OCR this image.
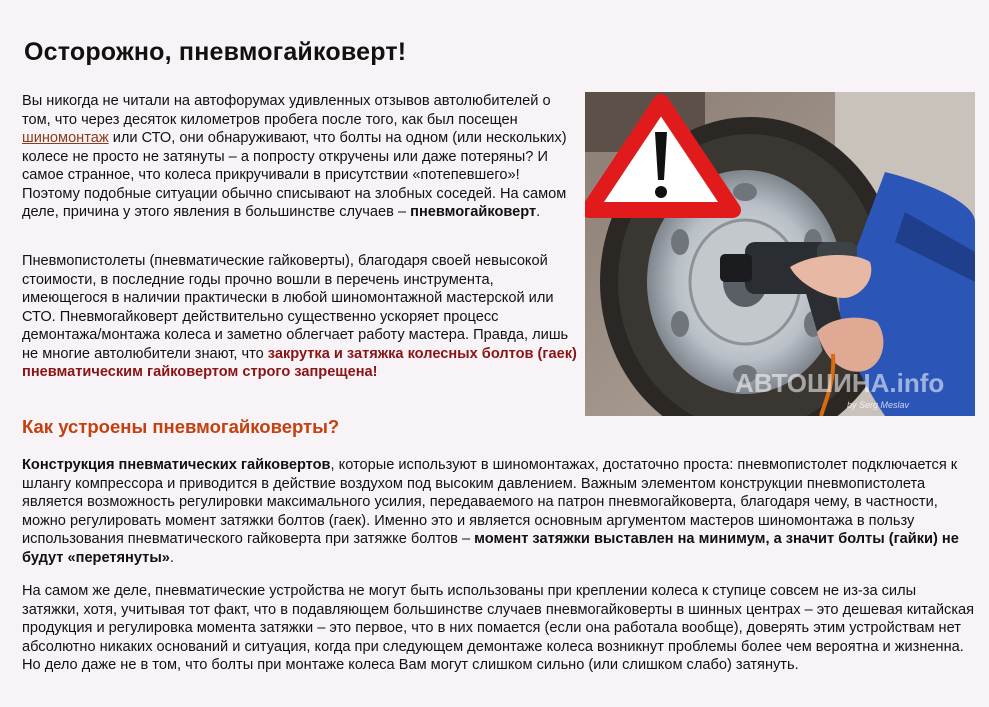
Осторожно, пневмогайковерт!

Вы никогда не читали на автофорумах удивленных отзывов автолюбителей о том, что через десяток километров пробега после того, как был посещен шиномонтаж или СТО, они обнаруживают, что болты на одном (или нескольких) колесе не просто не затянуты – а попросту откручены или даже потеряны? И самое странное, что колеса прикручивали в присутствии «потепевшего»! Поэтому подобные ситуации обычно списывают на злобных соседей. На самом деле, причина у этого явления в большинстве случаев – пневмогайковерт.

Пневмопистолеты (пневматические гайковерты), благодаря своей невысокой стоимости, в последние годы прочно вошли в перечень инструмента, имеющегося в наличии практически в любой шиномонтажной мастерской или СТО. Пневмогайковерт действительно существенно ускоряет процесс демонтажа/монтажа колеса и заметно облегчает работу мастера. Правда, лишь не многие автолюбители знают, что закрутка и затяжка колесных болтов (гаек) пневматическим гайковертом строго запрещена!

Как устроены пневмогайковерты?

Конструкция пневматических гайковертов, которые используют в шиномонтажах, достаточно проста: пневмопистолет подключается к шлангу компрессора и приводится в действие воздухом под высоким давлением. Важным элементом конструкции пневмопистолета является возможность регулировки максимального усилия, передаваемого на патрон пневмогайковерта, благодаря чему, в частности, можно регулировать момент затяжки болтов (гаек). Именно это и является основным аргументом мастеров шиномонтажа в пользу использования пневматического гайковерта при затяжке болтов – момент затяжки выставлен на минимум, а значит болты (гайки) не будут «перетянуты».

На самом же деле, пневматические устройства не могут быть использованы при креплении колеса к ступице совсем не из-за силы затяжки, хотя, учитывая тот факт, что в подавляющем большинстве случаев пневмогайковерты в шинных центрах – это дешевая китайская продукция и регулировка момента затяжки – это первое, что в них помается (если она работала вообще), доверять этим устройствам нет абсолютно никаких оснований и ситуация, когда при следующем демонтаже колеса возникнут проблемы более чем вероятна и жизненна. Но дело даже не в том, что болты при монтаже колеса Вам могут слишком сильно (или слишком слабо) затянуть.

АВТОШИНА.info
by Serg Meslav
